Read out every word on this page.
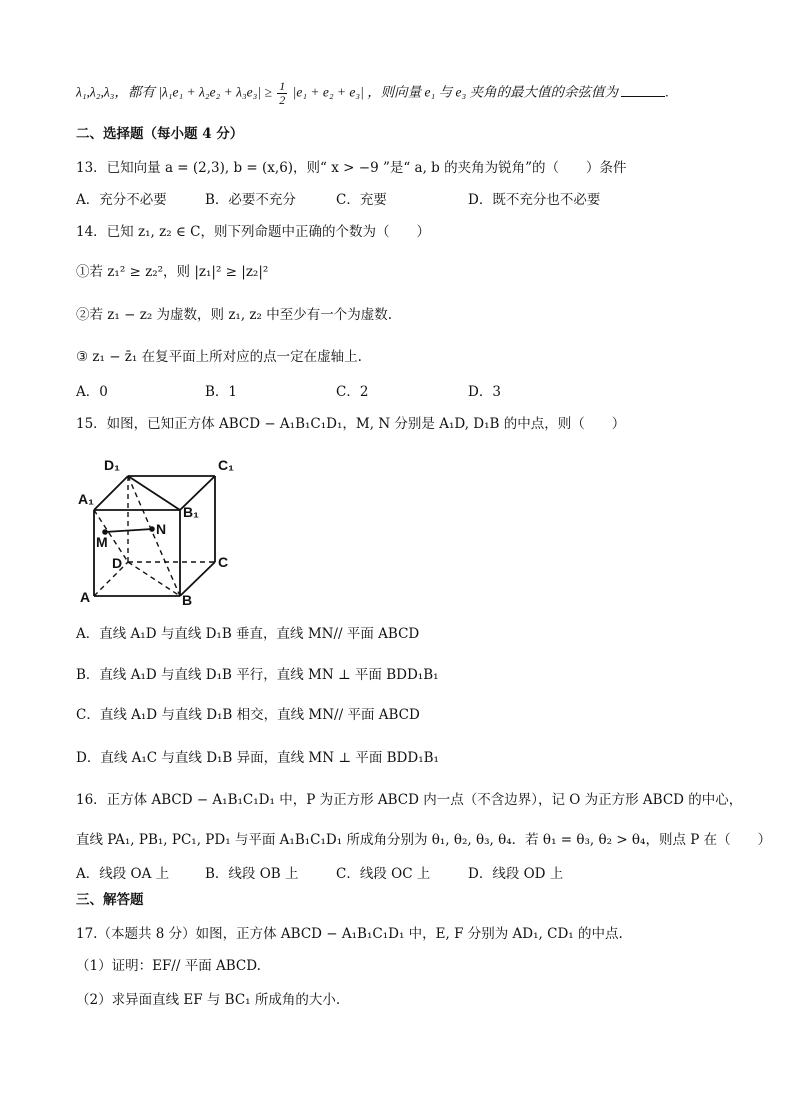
λ₁,λ₂,λ₃，都有 $|\lambda_1e_1 + \lambda_2e_2 + \lambda_3e_3| \ge \frac{1}{2} |e_1 + e_2 + e_3|$ ，则向量 e₁ 与 e₃ 夹角的最大值的余弦值为	.
二、选择题（每小题 4 分）
13．已知向量 a = (2,3), b = (x,6)，则“ x > −9 ”是“ a, b 的夹角为锐角”的（　　）条件
A．充分不必要	B．必要不充分	C．充要	D．既不充分也不必要
14．已知 z₁, z₂ ∈ C，则下列命题中正确的个数为（　　）
①若 z₁² ≥ z₂²，则 |z₁|² ≥ |z₂|²
②若 z₁ − z₂ 为虚数，则 z₁, z₂ 中至少有一个为虚数.
③ z₁ − z̄₁ 在复平面上所对应的点一定在虚轴上.
A．0	B．1	C．2	D．3
15．如图，已知正方体 ABCD − A₁B₁C₁D₁，M, N 分别是 A₁D, D₁B 的中点，则（　　）
D₁	C₁
A₁
B₁
N
M
D	C
A	B
A．直线 A₁D 与直线 D₁B 垂直，直线 MN// 平面 ABCD
B．直线 A₁D 与直线 D₁B 平行，直线 MN ⊥ 平面 BDD₁B₁
C．直线 A₁D 与直线 D₁B 相交，直线 MN// 平面 ABCD
D．直线 A₁C 与直线 D₁B 异面，直线 MN ⊥ 平面 BDD₁B₁
16．正方体 ABCD − A₁B₁C₁D₁ 中，P 为正方形 ABCD 内一点（不含边界），记 O 为正方形 ABCD 的中心，
直线 PA₁, PB₁, PC₁, PD₁ 与平面 A₁B₁C₁D₁ 所成角分别为 θ₁, θ₂, θ₃, θ₄．若 θ₁ = θ₃, θ₂ > θ₄，则点 P 在（　　）
A．线段 OA 上	B．线段 OB 上	C．线段 OC 上	D．线段 OD 上
三、解答题
17.（本题共 8 分）如图，正方体 ABCD − A₁B₁C₁D₁ 中，E, F 分别为 AD₁, CD₁ 的中点.
（1）证明：EF// 平面 ABCD.
（2）求异面直线 EF 与 BC₁ 所成角的大小.
